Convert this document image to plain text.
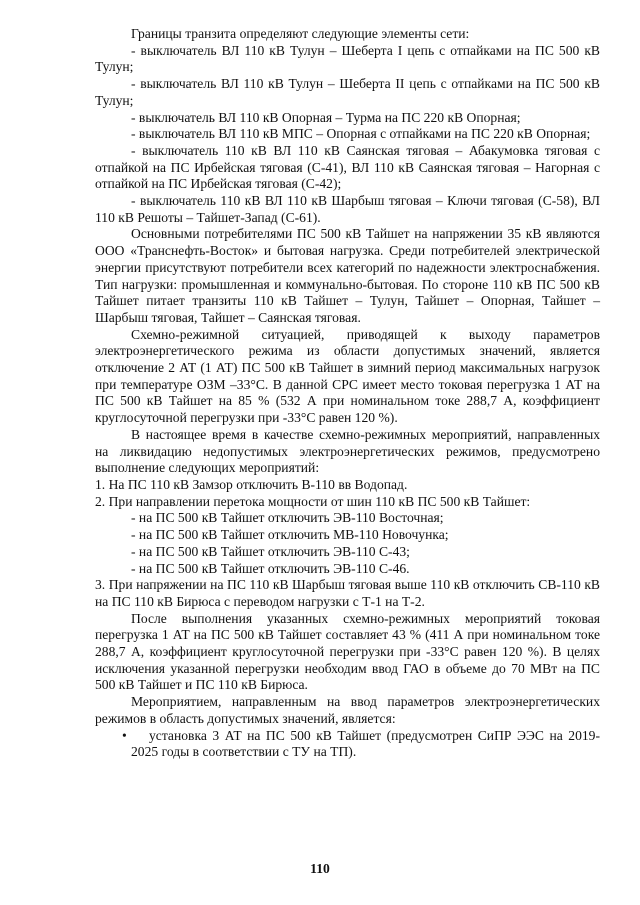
Границы транзита определяют следующие элементы сети:

- выключатель ВЛ 110 кВ Тулун – Шеберта I цепь с отпайками на ПС 500 кВ Тулун;

- выключатель ВЛ 110 кВ Тулун – Шеберта II цепь с отпайками на ПС 500 кВ Тулун;

- выключатель ВЛ 110 кВ Опорная – Турма на ПС 220 кВ Опорная;

- выключатель ВЛ 110 кВ МПС – Опорная с отпайками на ПС 220 кВ Опорная;

- выключатель 110 кВ ВЛ 110 кВ Саянская тяговая – Абакумовка тяговая с отпайкой на ПС Ирбейская тяговая (С-41), ВЛ 110 кВ Саянская тяговая – Нагорная с отпайкой на ПС Ирбейская тяговая (С-42);

- выключатель 110 кВ ВЛ 110 кВ Шарбыш тяговая – Ключи тяговая (С-58), ВЛ 110 кВ Решоты – Тайшет-Запад (С-61).

Основными потребителями ПС 500 кВ Тайшет на напряжении 35 кВ являются ООО «Транснефть-Восток» и бытовая нагрузка. Среди потребителей электрической энергии присутствуют потребители всех категорий по надежности электроснабжения. Тип нагрузки: промышленная и коммунально-бытовая. По стороне 110 кВ ПС 500 кВ Тайшет питает транзиты 110 кВ Тайшет – Тулун, Тайшет – Опорная, Тайшет – Шарбыш тяговая, Тайшет – Саянская тяговая.

Схемно-режимной ситуацией, приводящей к выходу параметров электроэнергетического режима из области допустимых значений, является отключение 2 АТ (1 АТ) ПС 500 кВ Тайшет в зимний период максимальных нагрузок при температуре ОЗМ –33°С. В данной СРС имеет место токовая перегрузка 1 АТ на ПС 500 кВ Тайшет на 85 % (532 А при номинальном токе 288,7 А, коэффициент круглосуточной перегрузки при -33°С равен 120 %).

В настоящее время в качестве схемно-режимных мероприятий, направленных на ликвидацию недопустимых электроэнергетических режимов, предусмотрено выполнение следующих мероприятий:

1. На ПС 110 кВ Замзор отключить В-110 вв Водопад.

2. При направлении перетока мощности от шин 110 кВ ПС 500 кВ Тайшет:

- на ПС 500 кВ Тайшет отключить ЭВ-110 Восточная;

- на ПС 500 кВ Тайшет отключить МВ-110 Новочунка;

- на ПС 500 кВ Тайшет отключить ЭВ-110 С-43;

- на ПС 500 кВ Тайшет отключить ЭВ-110 С-46.

3. При напряжении на ПС 110 кВ Шарбыш тяговая выше 110 кВ отключить СВ-110 кВ на ПС 110 кВ Бирюса с переводом нагрузки с Т-1 на Т-2.

После выполнения указанных схемно-режимных мероприятий токовая перегрузка 1 АТ на ПС 500 кВ Тайшет составляет 43 % (411 А при номинальном токе 288,7 А, коэффициент круглосуточной перегрузки при -33°С равен 120 %). В целях исключения указанной перегрузки необходим ввод ГАО в объеме до 70 МВт на ПС 500 кВ Тайшет и ПС 110 кВ Бирюса.

Мероприятием, направленным на ввод параметров электроэнергетических режимов в область допустимых значений, является:

• установка 3 АТ на ПС 500 кВ Тайшет (предусмотрен СиПР ЭЭС на 2019-2025 годы в соответствии с ТУ на ТП).

110
